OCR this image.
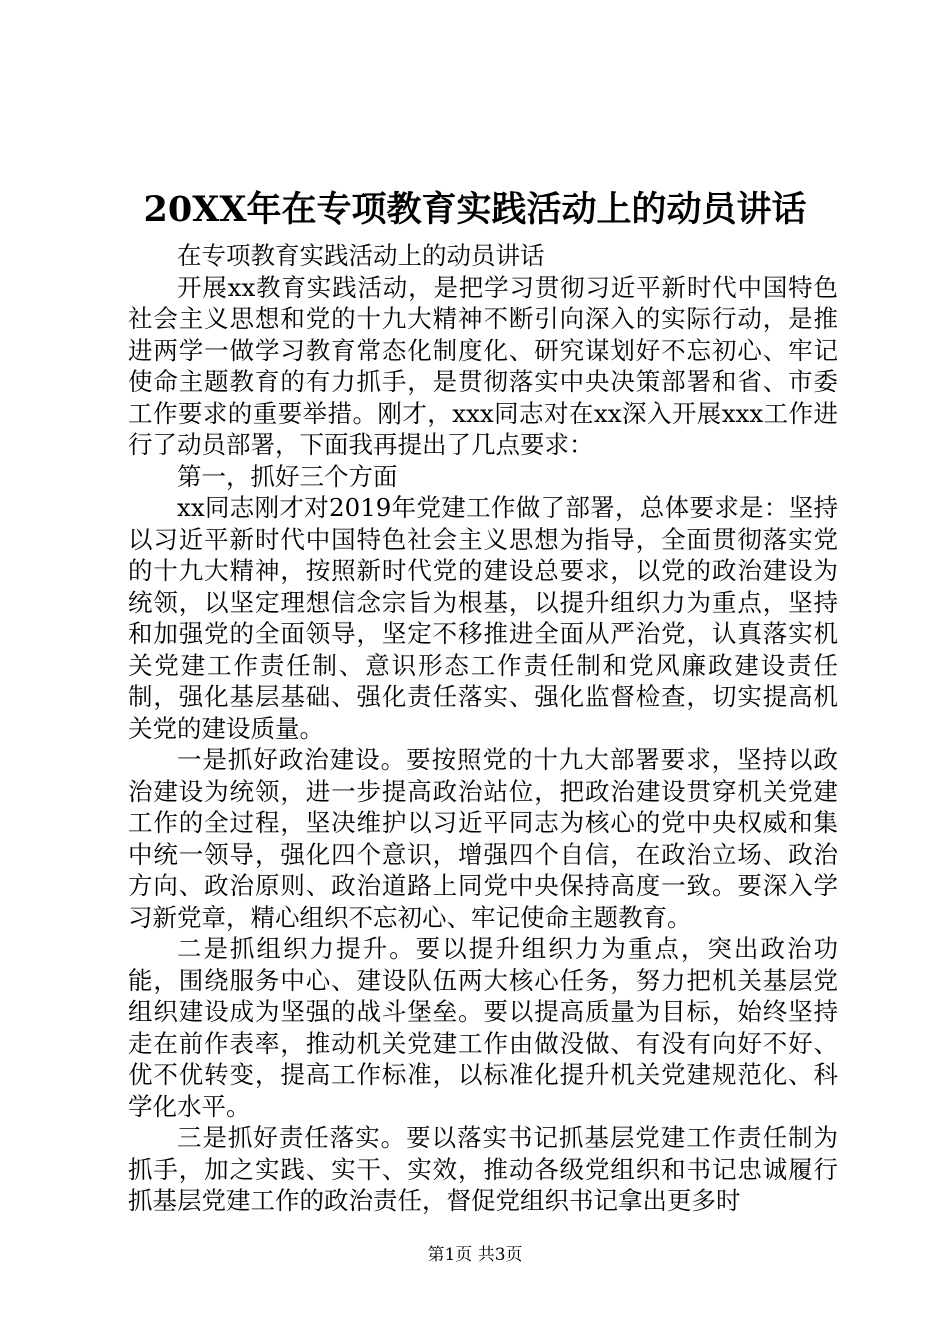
20XX年在专项教育实践活动上的动员讲话

在专项教育实践活动上的动员讲话

开展xx教育实践活动，是把学习贯彻习近平新时代中国特色社会主义思想和党的十九大精神不断引向深入的实际行动，是推进两学一做学习教育常态化制度化、研究谋划好不忘初心、牢记使命主题教育的有力抓手，是贯彻落实中央决策部署和省、市委工作要求的重要举措。刚才，xxx同志对在xx深入开展xxx工作进行了动员部署，下面我再提出了几点要求：

第一，抓好三个方面

xx同志刚才对2019年党建工作做了部署，总体要求是：坚持以习近平新时代中国特色社会主义思想为指导，全面贯彻落实党的十九大精神，按照新时代党的建设总要求，以党的政治建设为统领，以坚定理想信念宗旨为根基，以提升组织力为重点，坚持和加强党的全面领导，坚定不移推进全面从严治党，认真落实机关党建工作责任制、意识形态工作责任制和党风廉政建设责任制，强化基层基础、强化责任落实、强化监督检查，切实提高机关党的建设质量。

一是抓好政治建设。要按照党的十九大部署要求，坚持以政治建设为统领，进一步提高政治站位，把政治建设贯穿机关党建工作的全过程，坚决维护以习近平同志为核心的党中央权威和集中统一领导，强化四个意识，增强四个自信，在政治立场、政治方向、政治原则、政治道路上同党中央保持高度一致。要深入学习新党章，精心组织不忘初心、牢记使命主题教育。

二是抓组织力提升。要以提升组织力为重点，突出政治功能，围绕服务中心、建设队伍两大核心任务，努力把机关基层党组织建设成为坚强的战斗堡垒。要以提高质量为目标，始终坚持走在前作表率，推动机关党建工作由做没做、有没有向好不好、优不优转变，提高工作标准，以标准化提升机关党建规范化、科学化水平。

三是抓好责任落实。要以落实书记抓基层党建工作责任制为抓手，加之实践、实干、实效，推动各级党组织和书记忠诚履行抓基层党建工作的政治责任，督促党组织书记拿出更多时

第1页 共3页
